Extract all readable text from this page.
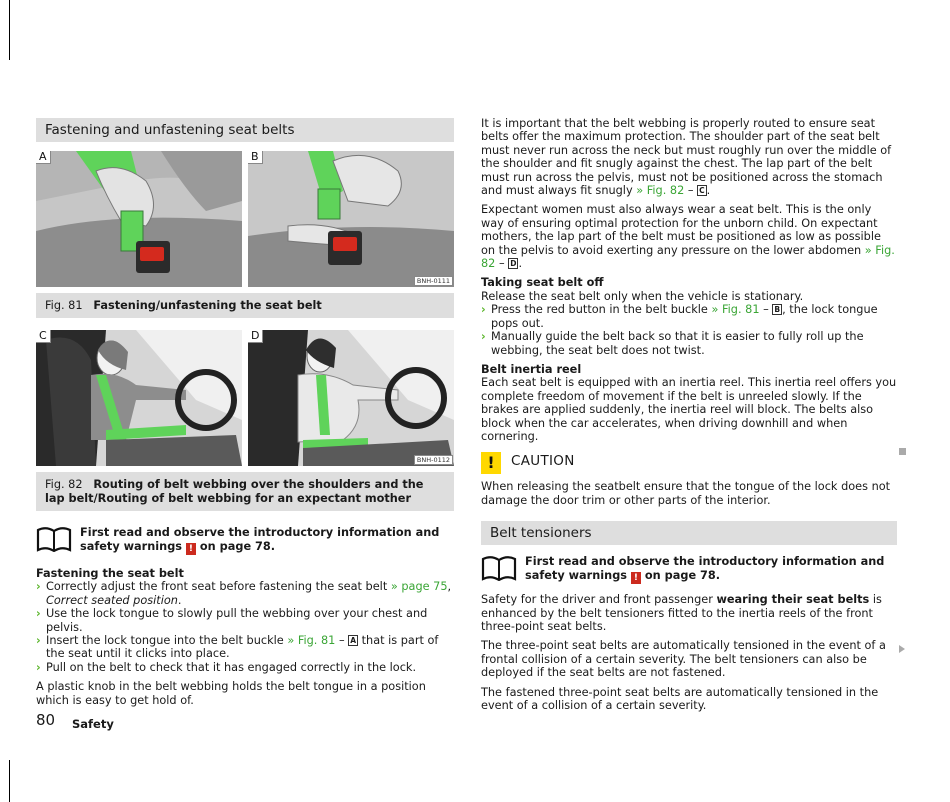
Fastening and unfastening seat belts
A	B
BNH-0111
Fig. 81 Fastening/unfastening the seat belt
C	D
BNH-0112
Fig. 82 Routing of belt webbing over the shoulders and the lap belt/Routing of belt webbing for an expectant mother
First read and observe the introductory information and safety warnings ! on page 78.
Fastening the seat belt
› Correctly adjust the front seat before fastening the seat belt » page 75, Correct seated position.
› Use the lock tongue to slowly pull the webbing over your chest and pelvis.
› Insert the lock tongue into the belt buckle » Fig. 81 – A that is part of the seat until it clicks into place.
› Pull on the belt to check that it has engaged correctly in the lock.

A plastic knob in the belt webbing holds the belt tongue in a position which is easy to get hold of.

It is important that the belt webbing is properly routed to ensure seat belts offer the maximum protection. The shoulder part of the seat belt must never run across the neck but must roughly run over the middle of the shoulder and fit snugly against the chest. The lap part of the belt must run across the pelvis, must not be positioned across the stomach and must always fit snugly » Fig. 82 – C .

Expectant women must also always wear a seat belt. This is the only way of ensuring optimal protection for the unborn child. On expectant mothers, the lap part of the belt must be positioned as low as possible on the pelvis to avoid exerting any pressure on the lower abdomen » Fig. 82 – D .

Taking seat belt off

Release the seat belt only when the vehicle is stationary.

› Press the red button in the belt buckle » Fig. 81 – B , the lock tongue pops out.
› Manually guide the belt back so that it is easier to fully roll up the webbing, the seat belt does not twist.
Belt inertia reel

Each seat belt is equipped with an inertia reel. This inertia reel offers you complete freedom of movement if the belt is unreeled slowly. If the brakes are applied suddenly, the inertia reel will block. The belts also block when the car accelerates, when driving downhill and when cornering.

!	CAUTION

When releasing the seatbelt ensure that the tongue of the lock does not damage the door trim or other parts of the interior.

Belt tensioners
First read and observe the introductory information and safety warnings ! on page 78.

Safety for the driver and front passenger wearing their seat belts is enhanced by the belt tensioners fitted to the inertia reels of the front three-point seat belts.

The three-point seat belts are automatically tensioned in the event of a frontal collision of a certain severity. The belt tensioners can also be deployed if the seat belts are not fastened.

The fastened three-point seat belts are automatically tensioned in the event of a collision of a certain severity.

80 Safety
